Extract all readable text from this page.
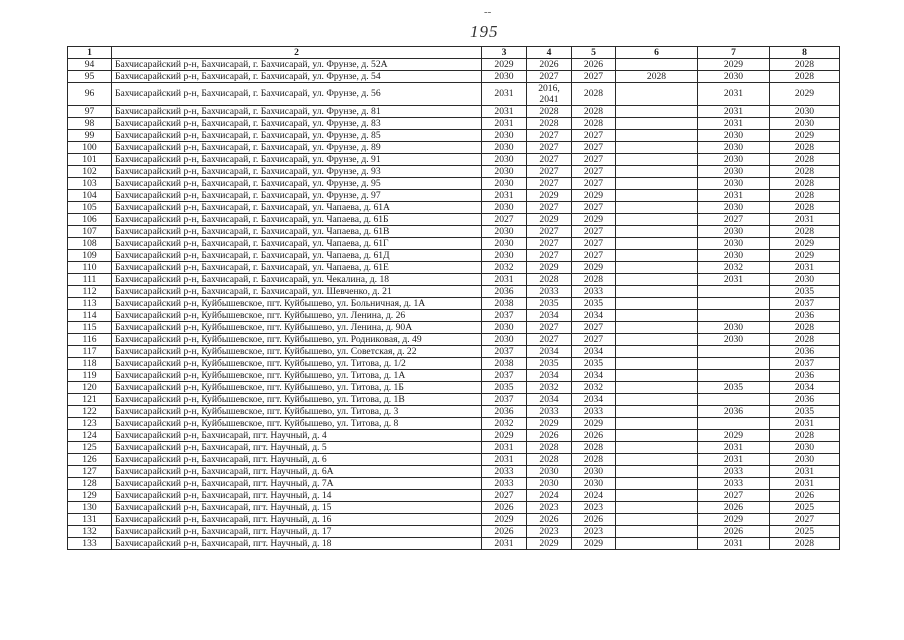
--
195
1	2	3	4	5	6	7	8
94	Бахчисарайский р-н, Бахчисарай, г. Бахчисарай, ул. Фрунзе, д. 52А	2029	2026	2026		2029	2028
95	Бахчисарайский р-н, Бахчисарай, г. Бахчисарай, ул. Фрунзе, д. 54	2030	2027	2027	2028	2030	2028
96	Бахчисарайский р-н, Бахчисарай, г. Бахчисарай, ул. Фрунзе, д. 56	2031	2016,
2041	2028		2031	2029
97	Бахчисарайский р-н, Бахчисарай, г. Бахчисарай, ул. Фрунзе, д. 81	2031	2028	2028		2031	2030
98	Бахчисарайский р-н, Бахчисарай, г. Бахчисарай, ул. Фрунзе, д. 83	2031	2028	2028		2031	2030
99	Бахчисарайский р-н, Бахчисарай, г. Бахчисарай, ул. Фрунзе, д. 85	2030	2027	2027		2030	2029
100	Бахчисарайский р-н, Бахчисарай, г. Бахчисарай, ул. Фрунзе, д. 89	2030	2027	2027		2030	2028
101	Бахчисарайский р-н, Бахчисарай, г. Бахчисарай, ул. Фрунзе, д. 91	2030	2027	2027		2030	2028
102	Бахчисарайский р-н, Бахчисарай, г. Бахчисарай, ул. Фрунзе, д. 93	2030	2027	2027		2030	2028
103	Бахчисарайский р-н, Бахчисарай, г. Бахчисарай, ул. Фрунзе, д. 95	2030	2027	2027		2030	2028
104	Бахчисарайский р-н, Бахчисарай, г. Бахчисарай, ул. Фрунзе, д. 97	2031	2029	2029		2031	2028
105	Бахчисарайский р-н, Бахчисарай, г. Бахчисарай, ул. Чапаева, д. 61А	2030	2027	2027		2030	2028
106	Бахчисарайский р-н, Бахчисарай, г. Бахчисарай, ул. Чапаева, д. 61Б	2027	2029	2029		2027	2031
107	Бахчисарайский р-н, Бахчисарай, г. Бахчисарай, ул. Чапаева, д. 61В	2030	2027	2027		2030	2028
108	Бахчисарайский р-н, Бахчисарай, г. Бахчисарай, ул. Чапаева, д. 61Г	2030	2027	2027		2030	2029
109	Бахчисарайский р-н, Бахчисарай, г. Бахчисарай, ул. Чапаева, д. 61Д	2030	2027	2027		2030	2029
110	Бахчисарайский р-н, Бахчисарай, г. Бахчисарай, ул. Чапаева, д. 61Е	2032	2029	2029		2032	2031
111	Бахчисарайский р-н, Бахчисарай, г. Бахчисарай, ул. Чекалина, д. 18	2031	2028	2028		2031	2030
112	Бахчисарайский р-н, Бахчисарай, г. Бахчисарай, ул. Шевченко, д. 21	2036	2033	2033			2035
113	Бахчисарайский р-н, Куйбышевское, пгт. Куйбышево, ул. Больничная, д. 1А	2038	2035	2035			2037
114	Бахчисарайский р-н, Куйбышевское, пгт. Куйбышево, ул. Ленина, д. 26	2037	2034	2034			2036
115	Бахчисарайский р-н, Куйбышевское, пгт. Куйбышево, ул. Ленина, д. 90А	2030	2027	2027		2030	2028
116	Бахчисарайский р-н, Куйбышевское, пгт. Куйбышево, ул. Родниковая, д. 49	2030	2027	2027		2030	2028
117	Бахчисарайский р-н, Куйбышевское, пгт. Куйбышево, ул. Советская, д. 22	2037	2034	2034			2036
118	Бахчисарайский р-н, Куйбышевское, пгт. Куйбышево, ул. Титова, д. 1/2	2038	2035	2035			2037
119	Бахчисарайский р-н, Куйбышевское, пгт. Куйбышево, ул. Титова, д. 1А	2037	2034	2034			2036
120	Бахчисарайский р-н, Куйбышевское, пгт. Куйбышево, ул. Титова, д. 1Б	2035	2032	2032		2035	2034
121	Бахчисарайский р-н, Куйбышевское, пгт. Куйбышево, ул. Титова, д. 1В	2037	2034	2034			2036
122	Бахчисарайский р-н, Куйбышевское, пгт. Куйбышево, ул. Титова, д. 3	2036	2033	2033		2036	2035
123	Бахчисарайский р-н, Куйбышевское, пгт. Куйбышево, ул. Титова, д. 8	2032	2029	2029			2031
124	Бахчисарайский р-н, Бахчисарай, пгт. Научный, д. 4	2029	2026	2026		2029	2028
125	Бахчисарайский р-н, Бахчисарай, пгт. Научный, д. 5	2031	2028	2028		2031	2030
126	Бахчисарайский р-н, Бахчисарай, пгт. Научный, д. 6	2031	2028	2028		2031	2030
127	Бахчисарайский р-н, Бахчисарай, пгт. Научный, д. 6А	2033	2030	2030		2033	2031
128	Бахчисарайский р-н, Бахчисарай, пгт. Научный, д. 7А	2033	2030	2030		2033	2031
129	Бахчисарайский р-н, Бахчисарай, пгт. Научный, д. 14	2027	2024	2024		2027	2026
130	Бахчисарайский р-н, Бахчисарай, пгт. Научный, д. 15	2026	2023	2023		2026	2025
131	Бахчисарайский р-н, Бахчисарай, пгт. Научный, д. 16	2029	2026	2026		2029	2027
132	Бахчисарайский р-н, Бахчисарай, пгт. Научный, д. 17	2026	2023	2023		2026	2025
133	Бахчисарайский р-н, Бахчисарай, пгт. Научный, д. 18	2031	2029	2029		2031	2028
